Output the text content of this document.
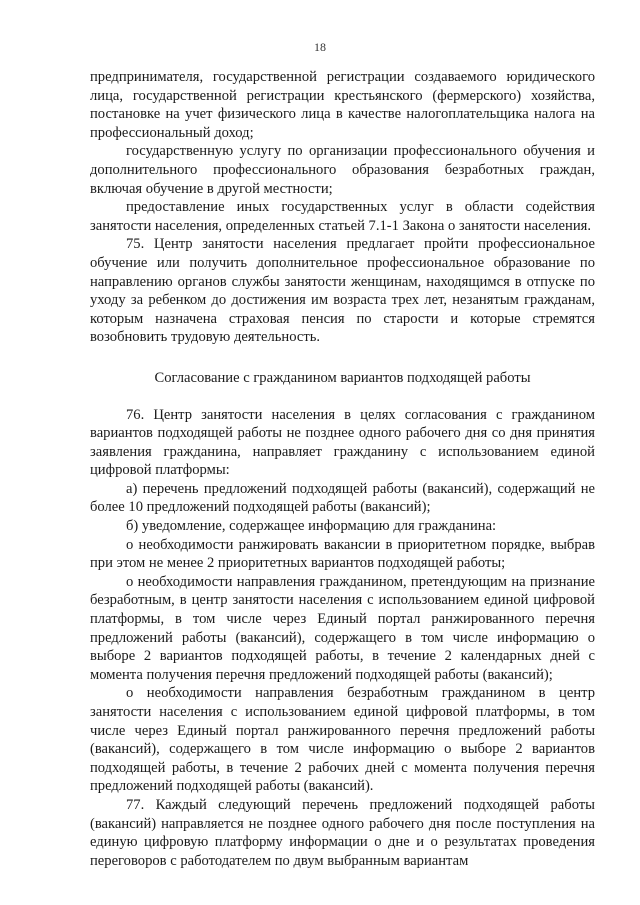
18

предпринимателя, государственной регистрации создаваемого юридического лица, государственной регистрации крестьянского (фермерского) хозяйства, постановке на учет физического лица в качестве налогоплательщика налога на профессиональный доход;

государственную услугу по организации профессионального обучения и дополнительного профессионального образования безработных граждан, включая обучение в другой местности;

предоставление иных государственных услуг в области содействия занятости населения, определенных статьей 7.1-1 Закона о занятости населения.

75. Центр занятости населения предлагает пройти профессиональное обучение или получить дополнительное профессиональное образование по направлению органов службы занятости женщинам, находящимся в отпуске по уходу за ребенком до достижения им возраста трех лет, незанятым гражданам, которым назначена страховая пенсия по старости и которые стремятся возобновить трудовую деятельность.

Согласование с гражданином вариантов подходящей работы

76. Центр занятости населения в целях согласования с гражданином вариантов подходящей работы не позднее одного рабочего дня со дня принятия заявления гражданина, направляет гражданину с использованием единой цифровой платформы:

а) перечень предложений подходящей работы (вакансий), содержащий не более 10 предложений подходящей работы (вакансий);

б) уведомление, содержащее информацию для гражданина:

о необходимости ранжировать вакансии в приоритетном порядке, выбрав при этом не менее 2 приоритетных вариантов подходящей работы;

о необходимости направления гражданином, претендующим на признание безработным, в центр занятости населения с использованием единой цифровой платформы, в том числе через Единый портал ранжированного перечня предложений работы (вакансий), содержащего в том числе информацию о выборе 2 вариантов подходящей работы, в течение 2 календарных дней с момента получения перечня предложений подходящей работы (вакансий);

о необходимости направления безработным гражданином в центр занятости населения с использованием единой цифровой платформы, в том числе через Единый портал ранжированного перечня предложений работы (вакансий), содержащего в том числе информацию о выборе 2 вариантов подходящей работы, в течение 2 рабочих дней с момента получения перечня предложений подходящей работы (вакансий).

77. Каждый следующий перечень предложений подходящей работы (вакансий) направляется не позднее одного рабочего дня после поступления на единую цифровую платформу информации о дне и о результатах проведения переговоров с работодателем по двум выбранным вариантам
